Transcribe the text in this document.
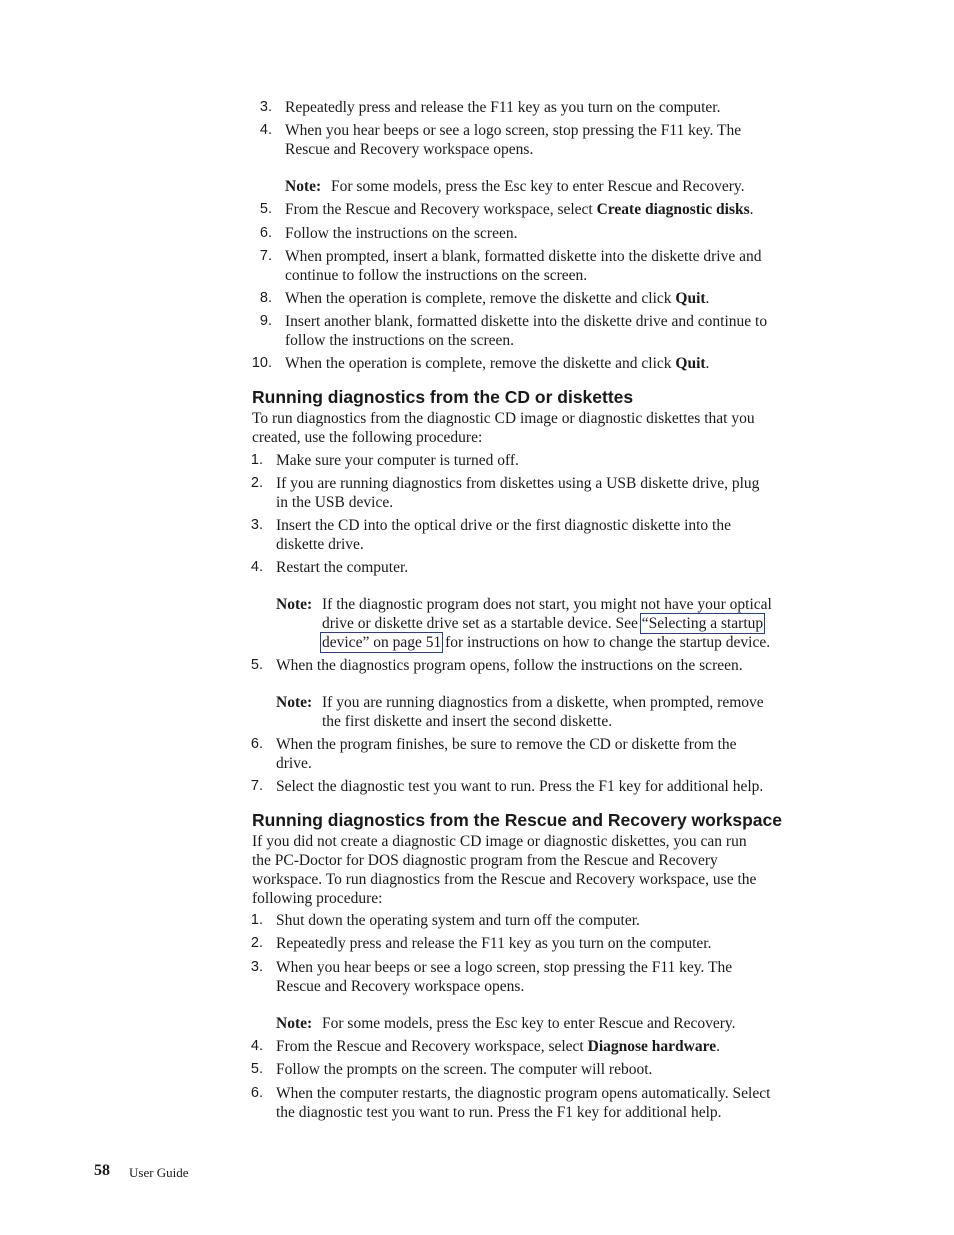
3. Repeatedly press and release the F11 key as you turn on the computer.
4. When you hear beeps or see a logo screen, stop pressing the F11 key. The
Rescue and Recovery workspace opens.
Note: For some models, press the Esc key to enter Rescue and Recovery.
5. From the Rescue and Recovery workspace, select Create diagnostic disks.
6. Follow the instructions on the screen.
7. When prompted, insert a blank, formatted diskette into the diskette drive and
continue to follow the instructions on the screen.
8. When the operation is complete, remove the diskette and click Quit.
9. Insert another blank, formatted diskette into the diskette drive and continue to
follow the instructions on the screen.
10. When the operation is complete, remove the diskette and click Quit.
Running diagnostics from the CD or diskettes
To run diagnostics from the diagnostic CD image or diagnostic diskettes that you
created, use the following procedure:
1. Make sure your computer is turned off.
2. If you are running diagnostics from diskettes using a USB diskette drive, plug
in the USB device.
3. Insert the CD into the optical drive or the first diagnostic diskette into the
diskette drive.
4. Restart the computer.
Note: If the diagnostic program does not start, you might not have your optical
drive or diskette drive set as a startable device. See “Selecting a startup
device” on page 51 for instructions on how to change the startup device.
5. When the diagnostics program opens, follow the instructions on the screen.
Note: If you are running diagnostics from a diskette, when prompted, remove
the first diskette and insert the second diskette.
6. When the program finishes, be sure to remove the CD or diskette from the
drive.
7. Select the diagnostic test you want to run. Press the F1 key for additional help.
Running diagnostics from the Rescue and Recovery workspace
If you did not create a diagnostic CD image or diagnostic diskettes, you can run
the PC-Doctor for DOS diagnostic program from the Rescue and Recovery
workspace. To run diagnostics from the Rescue and Recovery workspace, use the
following procedure:
1. Shut down the operating system and turn off the computer.
2. Repeatedly press and release the F11 key as you turn on the computer.
3. When you hear beeps or see a logo screen, stop pressing the F11 key. The
Rescue and Recovery workspace opens.
Note: For some models, press the Esc key to enter Rescue and Recovery.
4. From the Rescue and Recovery workspace, select Diagnose hardware.
5. Follow the prompts on the screen. The computer will reboot.
6. When the computer restarts, the diagnostic program opens automatically. Select
the diagnostic test you want to run. Press the F1 key for additional help.
58 User Guide
